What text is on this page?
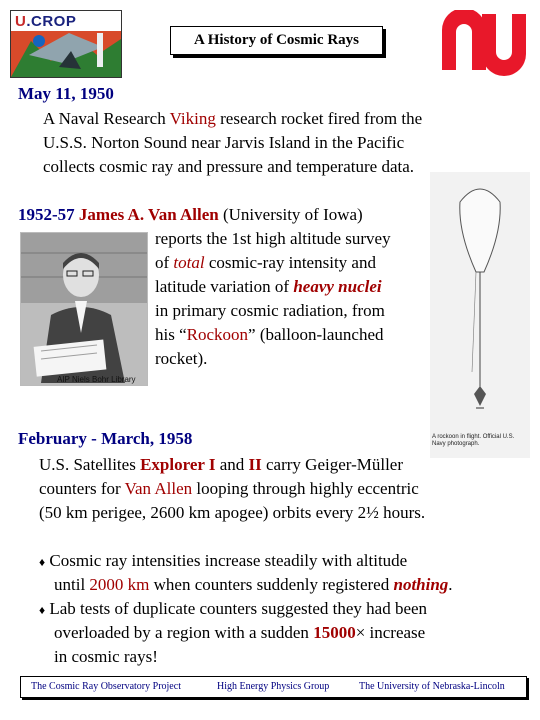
U.CROP
A History of Cosmic Rays
May 11, 1950
A Naval Research Viking research rocket fired from the
U.S.S. Norton Sound near Jarvis Island in the Pacific
collects cosmic ray and pressure and temperature data.
1952-57 James A. Van Allen (University of Iowa)
reports the 1st high altitude survey
of total cosmic-ray intensity and
latitude variation of heavy nuclei
in primary cosmic radiation, from
his “Rockoon” (balloon-launched
rocket).
AIP Niels Bohr Library
A rockoon in flight. Official U.S. Navy photograph.
February - March, 1958
U.S. Satellites Explorer I and II carry Geiger-Müller
counters for Van Allen looping through highly eccentric
(50 km perigee, 2600 km apogee) orbits every 2½ hours.
♦ Cosmic ray intensities increase steadily with altitude
until 2000 km when counters suddenly registered nothing.
♦ Lab tests of duplicate counters suggested they had been
overloaded by a region with a sudden 15000× increase
in cosmic rays!
The Cosmic Ray Observatory Project	High Energy Physics Group	The University of Nebraska-Lincoln
